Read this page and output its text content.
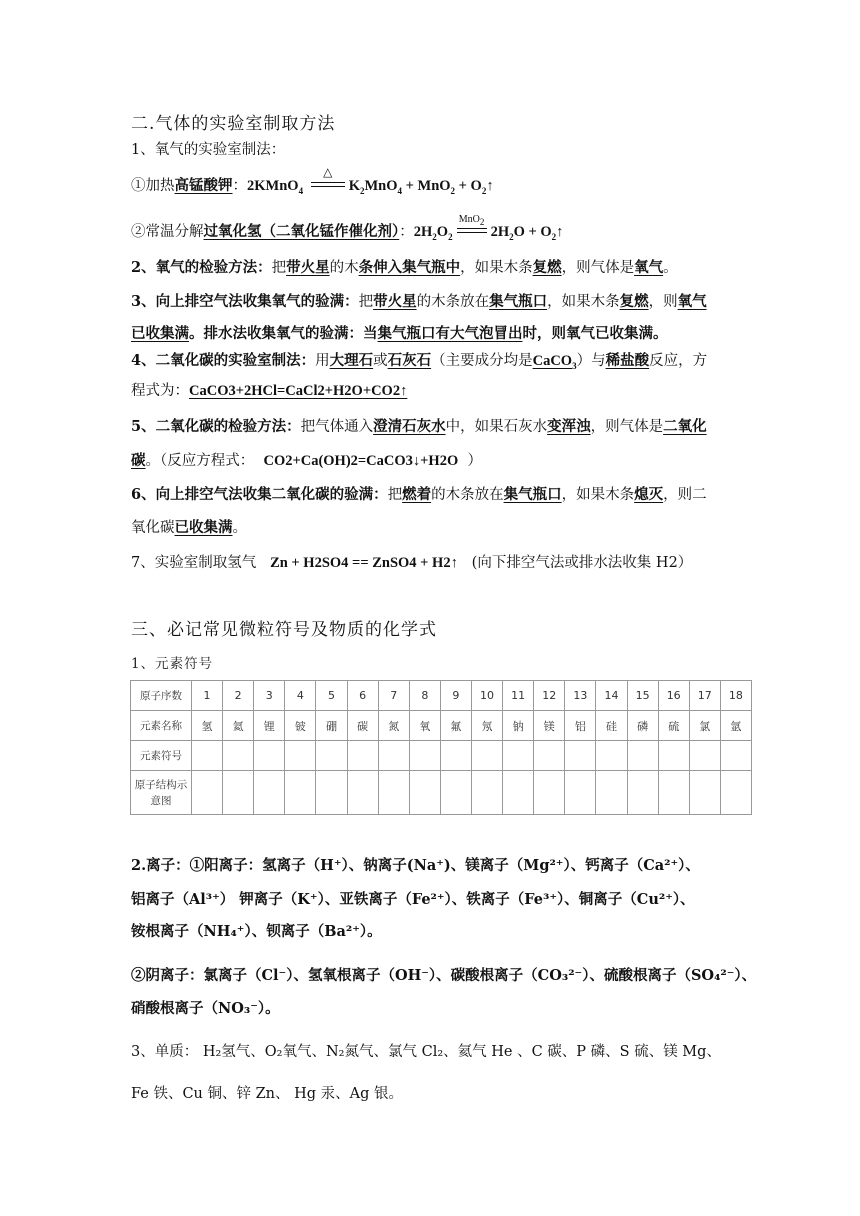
二.气体的实验室制取方法
1、氧气的实验室制法：
①加热高锰酸钾：2KMnO$_4$
△
$K_2MnO_4 + MnO_2$ + $O_2↑$
②常温分解过氧化氢（二氧化锰作催化剂）：$2H_2O_2$
MnO$_2$
$2H_2O$ + $O_2↑$
2、氧气的检验方法：把带火星的木条伸入集气瓶中，如果木条复燃，则气体是氧气。
3、向上排空气法收集氧气的验满：把带火星的木条放在集气瓶口，如果木条复燃，则氧气
已收集满。排水法收集氧气的验满：当集气瓶口有大气泡冒出时，则氧气已收集满。
4、二氧化碳的实验室制法：用大理石或石灰石（主要成分均是CaCO$_3$）与稀盐酸反应，方
程式为：CaCO3+2HCl=CaCl2+H2O+CO2↑
5、二氧化碳的检验方法：把气体通入澄清石灰水中，如果石灰水变浑浊，则气体是二氧化
碳。（反应方程式： CO2+Ca(OH)2=CaCO3↓+H2O ）
6、向上排空气法收集二氧化碳的验满：把燃着的木条放在集气瓶口，如果木条熄灭，则二
氧化碳已收集满。
7、实验室制取氢气 Zn + H2SO4 == ZnSO4 + H2↑ (向下排空气法或排水法收集 H2）
三、必记常见微粒符号及物质的化学式
1、元素符号
原子序数	1	2	3	4	5	6	7	8	9	10	11	12	13	14	15	16	17	18
元素名称	氢	氦	锂	铍	硼	碳	氮	氧	氟	氖	钠	镁	铝	硅	磷	硫	氯	氩
元素符号																		
原子结构示意图																		
2.离子：①阳离子：氢离子（H⁺）、钠离子(Na⁺)、镁离子（Mg²⁺）、钙离子（Ca²⁺）、
铝离子（Al³⁺） 钾离子（K⁺）、亚铁离子（Fe²⁺）、铁离子（Fe³⁺）、铜离子（Cu²⁺）、
铵根离子（NH₄⁺）、钡离子（Ba²⁺）。
②阴离子：氯离子（Cl⁻）、氢氧根离子（OH⁻）、碳酸根离子（CO₃²⁻）、硫酸根离子（SO₄²⁻）、
硝酸根离子（NO₃⁻）。
3、单质： H₂氢气、O₂氧气、N₂氮气、氯气 Cl₂、氦气 He 、C 碳、P 磷、S 硫、镁 Mg、
Fe 铁、Cu 铜、锌 Zn、 Hg 汞、Ag 银。
